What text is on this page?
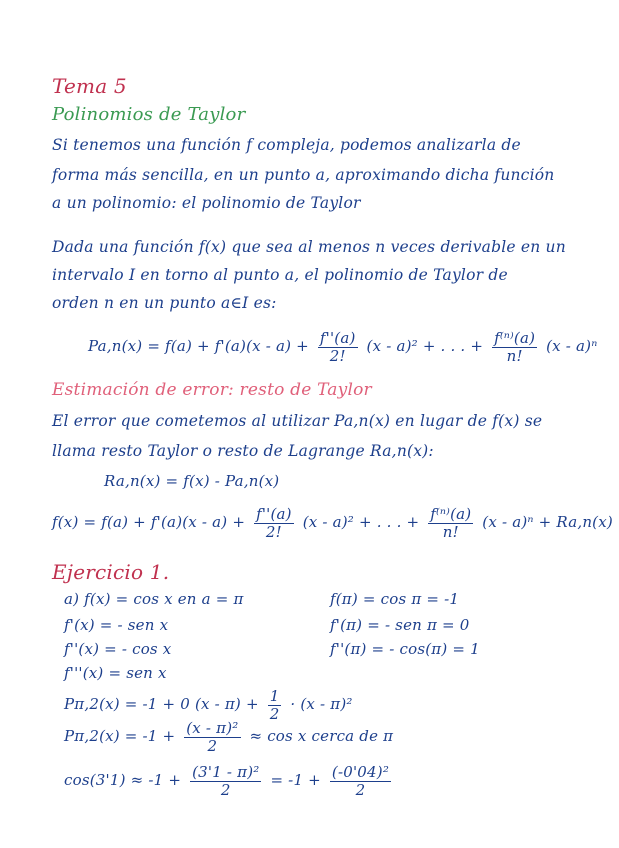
Tema 5
Polinomios de Taylor
Si tenemos una función f compleja, podemos analizarla de
forma más sencilla, en un punto a, aproximando dicha función
a un polinomio: el polinomio de Taylor
Dada una función f(x) que sea al menos n veces derivable en un
intervalo I en torno al punto a, el polinomio de Taylor de
orden n en un punto a∈I es:
$Pa,n(x) = f(a) + f'(a)(x - a) + \frac{f''(a)}{2!} (x - a)^2$ + . . . + $\frac{\text{f⁽ⁿ⁾(a)}}{n!} (x - a)^n$
Estimación de error: resto de Taylor
El error que cometemos al utilizar Pa,n(x) en lugar de f(x) se
llama resto Taylor o resto de Lagrange Ra,n(x):
Ra,n(x) = f(x) - Pa,n(x)
$f(x) = f(a) + f'(a)(x - a) + \frac{f''(a)}{2!} (x - a)^2$ + . . . + $\frac{\text{f⁽ⁿ⁾(a)}}{n!} (x - a)^n + Ra,n(x)$
Ejercicio 1.
a) f(x) = cos x en a = π	f(π) = cos π = -1
f'(x) = - sen x	f'(π) = - sen π = 0
f''(x) = - cos x	f''(π) = - cos(π) = 1
f'''(x) = sen x
Pπ,2(x) = -1 + 0 $(x - \pi) + \frac{1}{2} \cdot (x - \pi)^2$
$P\pi,2(x) = -1 + \frac{\text{(x - π)²}}{2} \approx \cos x$ cerca de π
$\cos(3'1) \approx -1 + \frac{\text{(3'1 - π)²}}{2} = -1 + \frac{\text{(-0'04)²}}{2}$
